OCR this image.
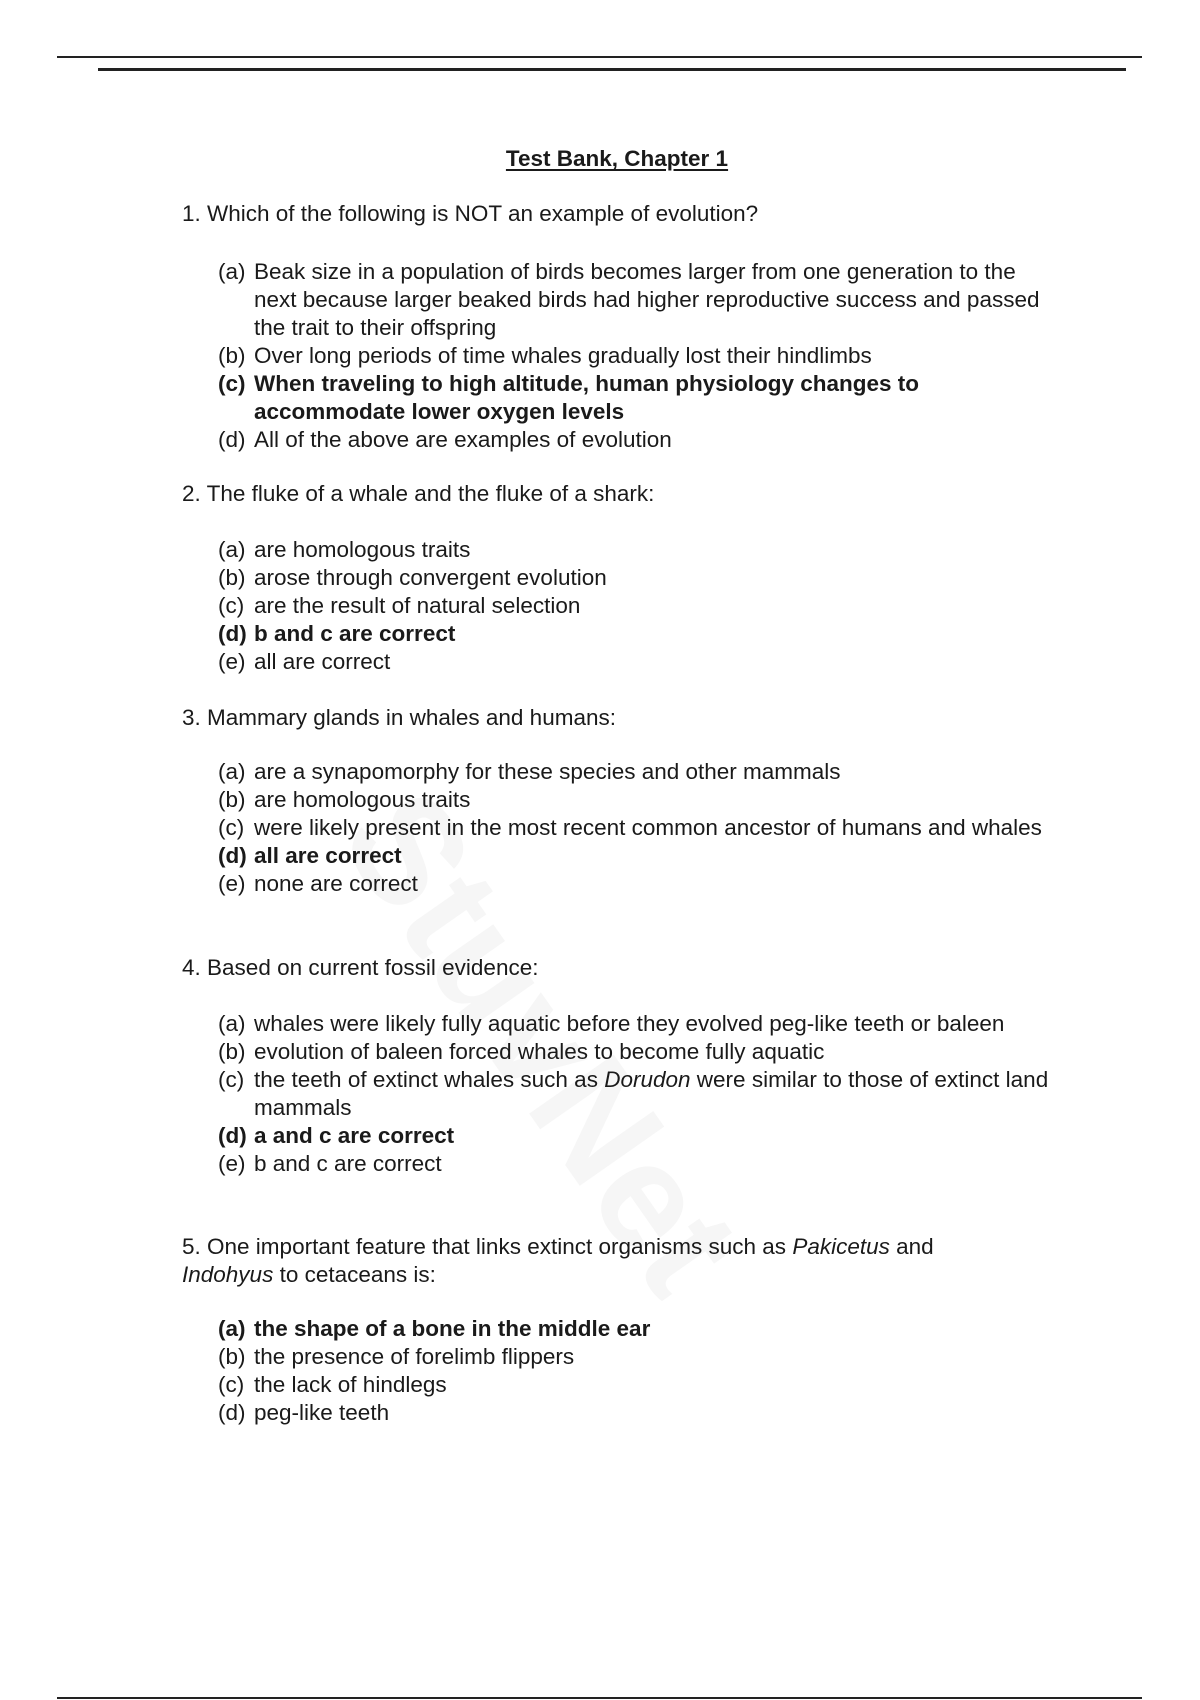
Test Bank, Chapter 1
1. Which of the following is NOT an example of evolution?
(a) Beak size in a population of birds becomes larger from one generation to the next because larger beaked birds had higher reproductive success and passed the trait to their offspring
(b) Over long periods of time whales gradually lost their hindlimbs
(c) When traveling to high altitude, human physiology changes to accommodate lower oxygen levels
(d) All of the above are examples of evolution
2. The fluke of a whale and the fluke of a shark:
(a) are homologous traits
(b) arose through convergent evolution
(c) are the result of natural selection
(d) b and c are correct
(e) all are correct
3. Mammary glands in whales and humans:
(a) are a synapomorphy for these species and other mammals
(b) are homologous traits
(c) were likely present in the most recent common ancestor of humans and whales
(d) all are correct
(e) none are correct
4. Based on current fossil evidence:
(a) whales were likely fully aquatic before they evolved peg-like teeth or baleen
(b) evolution of baleen forced whales to become fully aquatic
(c) the teeth of extinct whales such as Dorudon were similar to those of extinct land mammals
(d) a and c are correct
(e) b and c are correct
5. One important feature that links extinct organisms such as Pakicetus and
Indohyus to cetaceans is:
(a) the shape of a bone in the middle ear
(b) the presence of forelimb flippers
(c) the lack of hindlegs
(d) peg-like teeth
